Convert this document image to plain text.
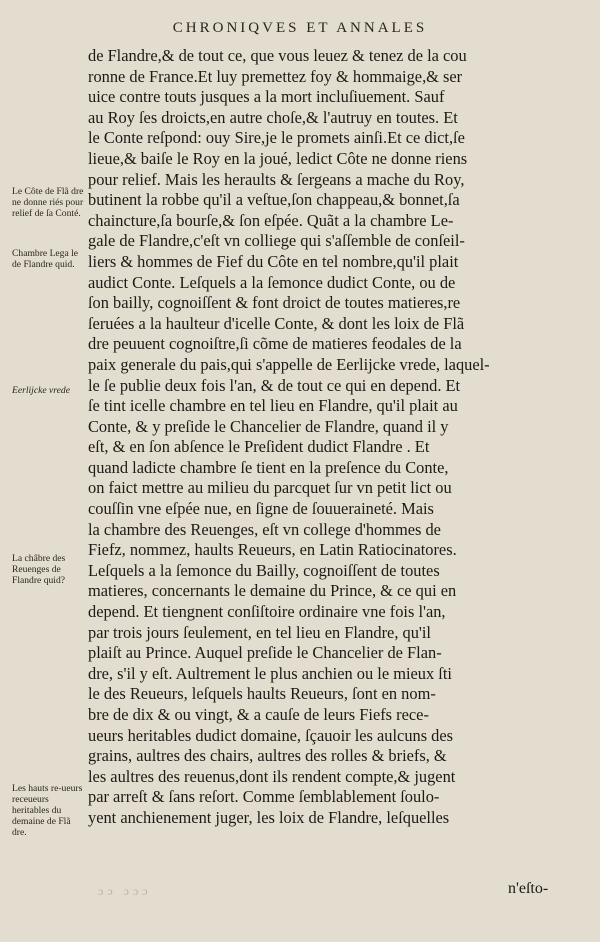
CHRONIQVES ET ANNALES
de Flandre,& de tout ce, que vous leuez & tenez de la cou
ronne de France.Et luy premettez foy & hommaige,& ser
uice contre touts jusques a la mort incluſiuement. Sauf
au Roy ſes droicts,en autre choſe,& l'autruy en toutes. Et
le Conte reſpond: ouy Sire,je le promets ainſi.Et ce dict,ſe
lieue,& baiſe le Roy en la joué, ledict Côte ne donne riens
pour relief. Mais les heraults & ſergeans a mache du Roy,
butinent la robbe qu'il a veſtue,ſon chappeau,& bonnet,ſa
chaincture,ſa bourſe,& ſon eſpée. Quãt a la chambre Le-
gale de Flandre,c'eſt vn colliege qui s'aſſemble de conſeil-
liers & hommes de Fief du Côte en tel nombre,qu'il plait
audict Conte. Leſquels a la ſemonce dudict Conte, ou de
ſon bailly, cognoiſſent & font droict de toutes matieres,re
ſeruées a la haulteur d'icelle Conte, & dont les loix de Flã
dre peuuent cognoiſtre,ſi cõme de matieres feodales de la
paix generale du pais,qui s'appelle de Eerlijcke vrede, laquel-
le ſe publie deux fois l'an, & de tout ce qui en depend. Et
ſe tint icelle chambre en tel lieu en Flandre, qu'il plait au
Conte, & y preſide le Chancelier de Flandre, quand il y
eſt, & en ſon abſence le Preſident dudict Flandre . Et
quand ladicte chambre ſe tient en la preſence du Conte,
on faict mettre au milieu du parcquet ſur vn petit lict ou
couſſin vne eſpée nue, en ſigne de ſouueraineté. Mais
la chambre des Reuenges, eſt vn college d'hommes de
Fiefz, nommez, haults Reueurs, en Latin Ratiocinatores.
Leſquels a la ſemonce du Bailly, cognoiſſent de toutes
matieres, concernants le demaine du Prince, & ce qui en
depend. Et tiengnent conſiſtoire ordinaire vne fois l'an,
par trois jours ſeulement, en tel lieu en Flandre, qu'il
plaiſt au Prince. Auquel preſide le Chancelier de Flan-
dre, s'il y eſt. Aultrement le plus anchien ou le mieux ſti
le des Reueurs, leſquels haults Reueurs, ſont en nom-
bre de dix & ou vingt, & a cauſe de leurs Fiefs rece-
ueurs heritables dudict domaine, ſçauoir les aulcuns des
grains, aultres des chairs, aultres des rolles & briefs, &
les aultres des reuenus,dont ils rendent compte,& jugent
par arreſt & ſans reſort. Comme ſemblablement ſoulo-
yent anchienement juger, les loix de Flandre, leſquelles
Le Côte de Flã dre ne donne riés pour relief de ſa Conté.
Chambre Lega le de Flandre quid.
Eerlijcke vrede
La châbre des Reuenges de Flandre quid?
Les hauts re-ueurs receueurs heritables du demaine de Flã dre.
ɔɔ ɔɔɔ	n'eſto-
